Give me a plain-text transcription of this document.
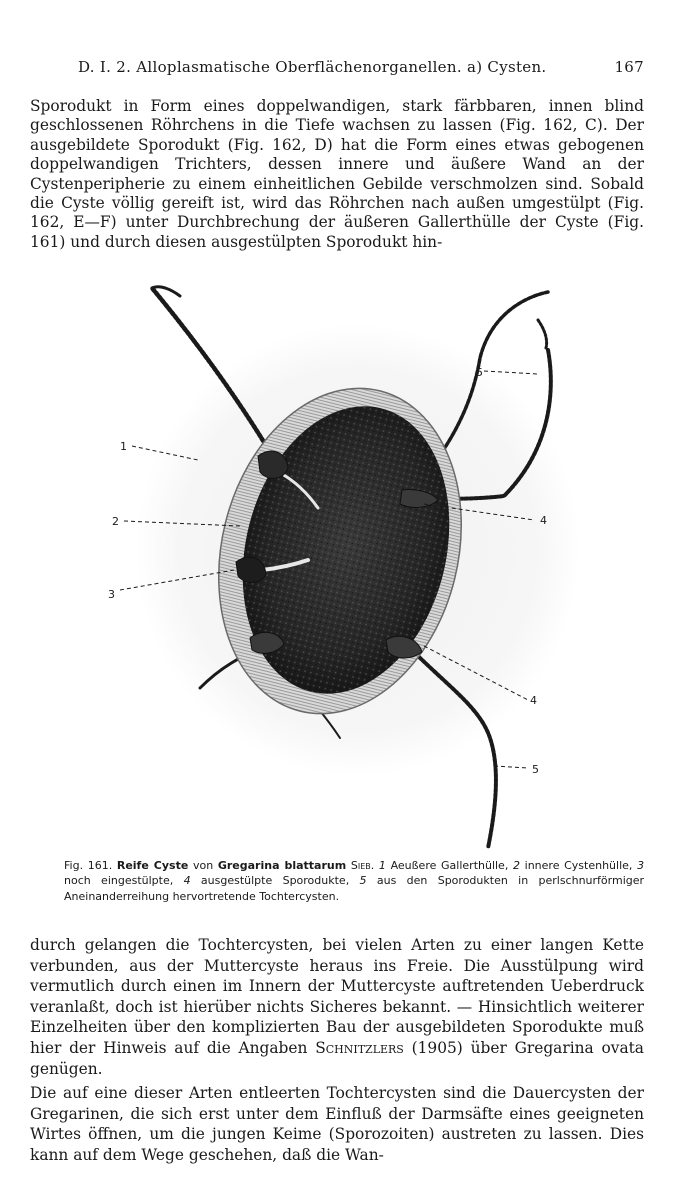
D. I. 2. Alloplasmatische Oberflächenorganellen. a) Cysten.	167

Sporodukt in Form eines doppelwandigen, stark färbbaren, innen blind geschlossenen Röhrchens in die Tiefe wachsen zu lassen (Fig. 162, C). Der ausgebildete Sporodukt (Fig. 162, D) hat die Form eines etwas gebogenen doppelwandigen Trichters, dessen innere und äußere Wand an der Cystenperipherie zu einem einheitlichen Gebilde verschmolzen sind. Sobald die Cyste völlig gereift ist, wird das Röhrchen nach außen umgestülpt (Fig. 162, E—F) unter Durchbrechung der äußeren Gallerthülle der Cyste (Fig. 161) und durch diesen ausgestülpten Sporodukt hin-

1
2
3
4
4
5
5

Fig. 161. Reife Cyste von Gregarina blattarum Sieb. 1 Aeußere Gallerthülle, 2 innere Cystenhülle, 3 noch eingestülpte, 4 ausgestülpte Sporodukte, 5 aus den Sporodukten in perlschnurförmiger Aneinanderreihung hervortretende Tochtercysten.

durch gelangen die Tochtercysten, bei vielen Arten zu einer langen Kette verbunden, aus der Muttercyste heraus ins Freie. Die Ausstülpung wird vermutlich durch einen im Innern der Muttercyste auftretenden Ueberdruck veranlaßt, doch ist hierüber nichts Sicheres bekannt. — Hinsichtlich weiterer Einzelheiten über den komplizierten Bau der ausgebildeten Sporodukte muß hier der Hinweis auf die Angaben Schnitzlers (1905) über Gregarina ovata genügen.

Die auf eine dieser Arten entleerten Tochtercysten sind die Dauercysten der Gregarinen, die sich erst unter dem Einfluß der Darmsäfte eines geeigneten Wirtes öffnen, um die jungen Keime (Sporozoiten) austreten zu lassen. Dies kann auf dem Wege geschehen, daß die Wan-
